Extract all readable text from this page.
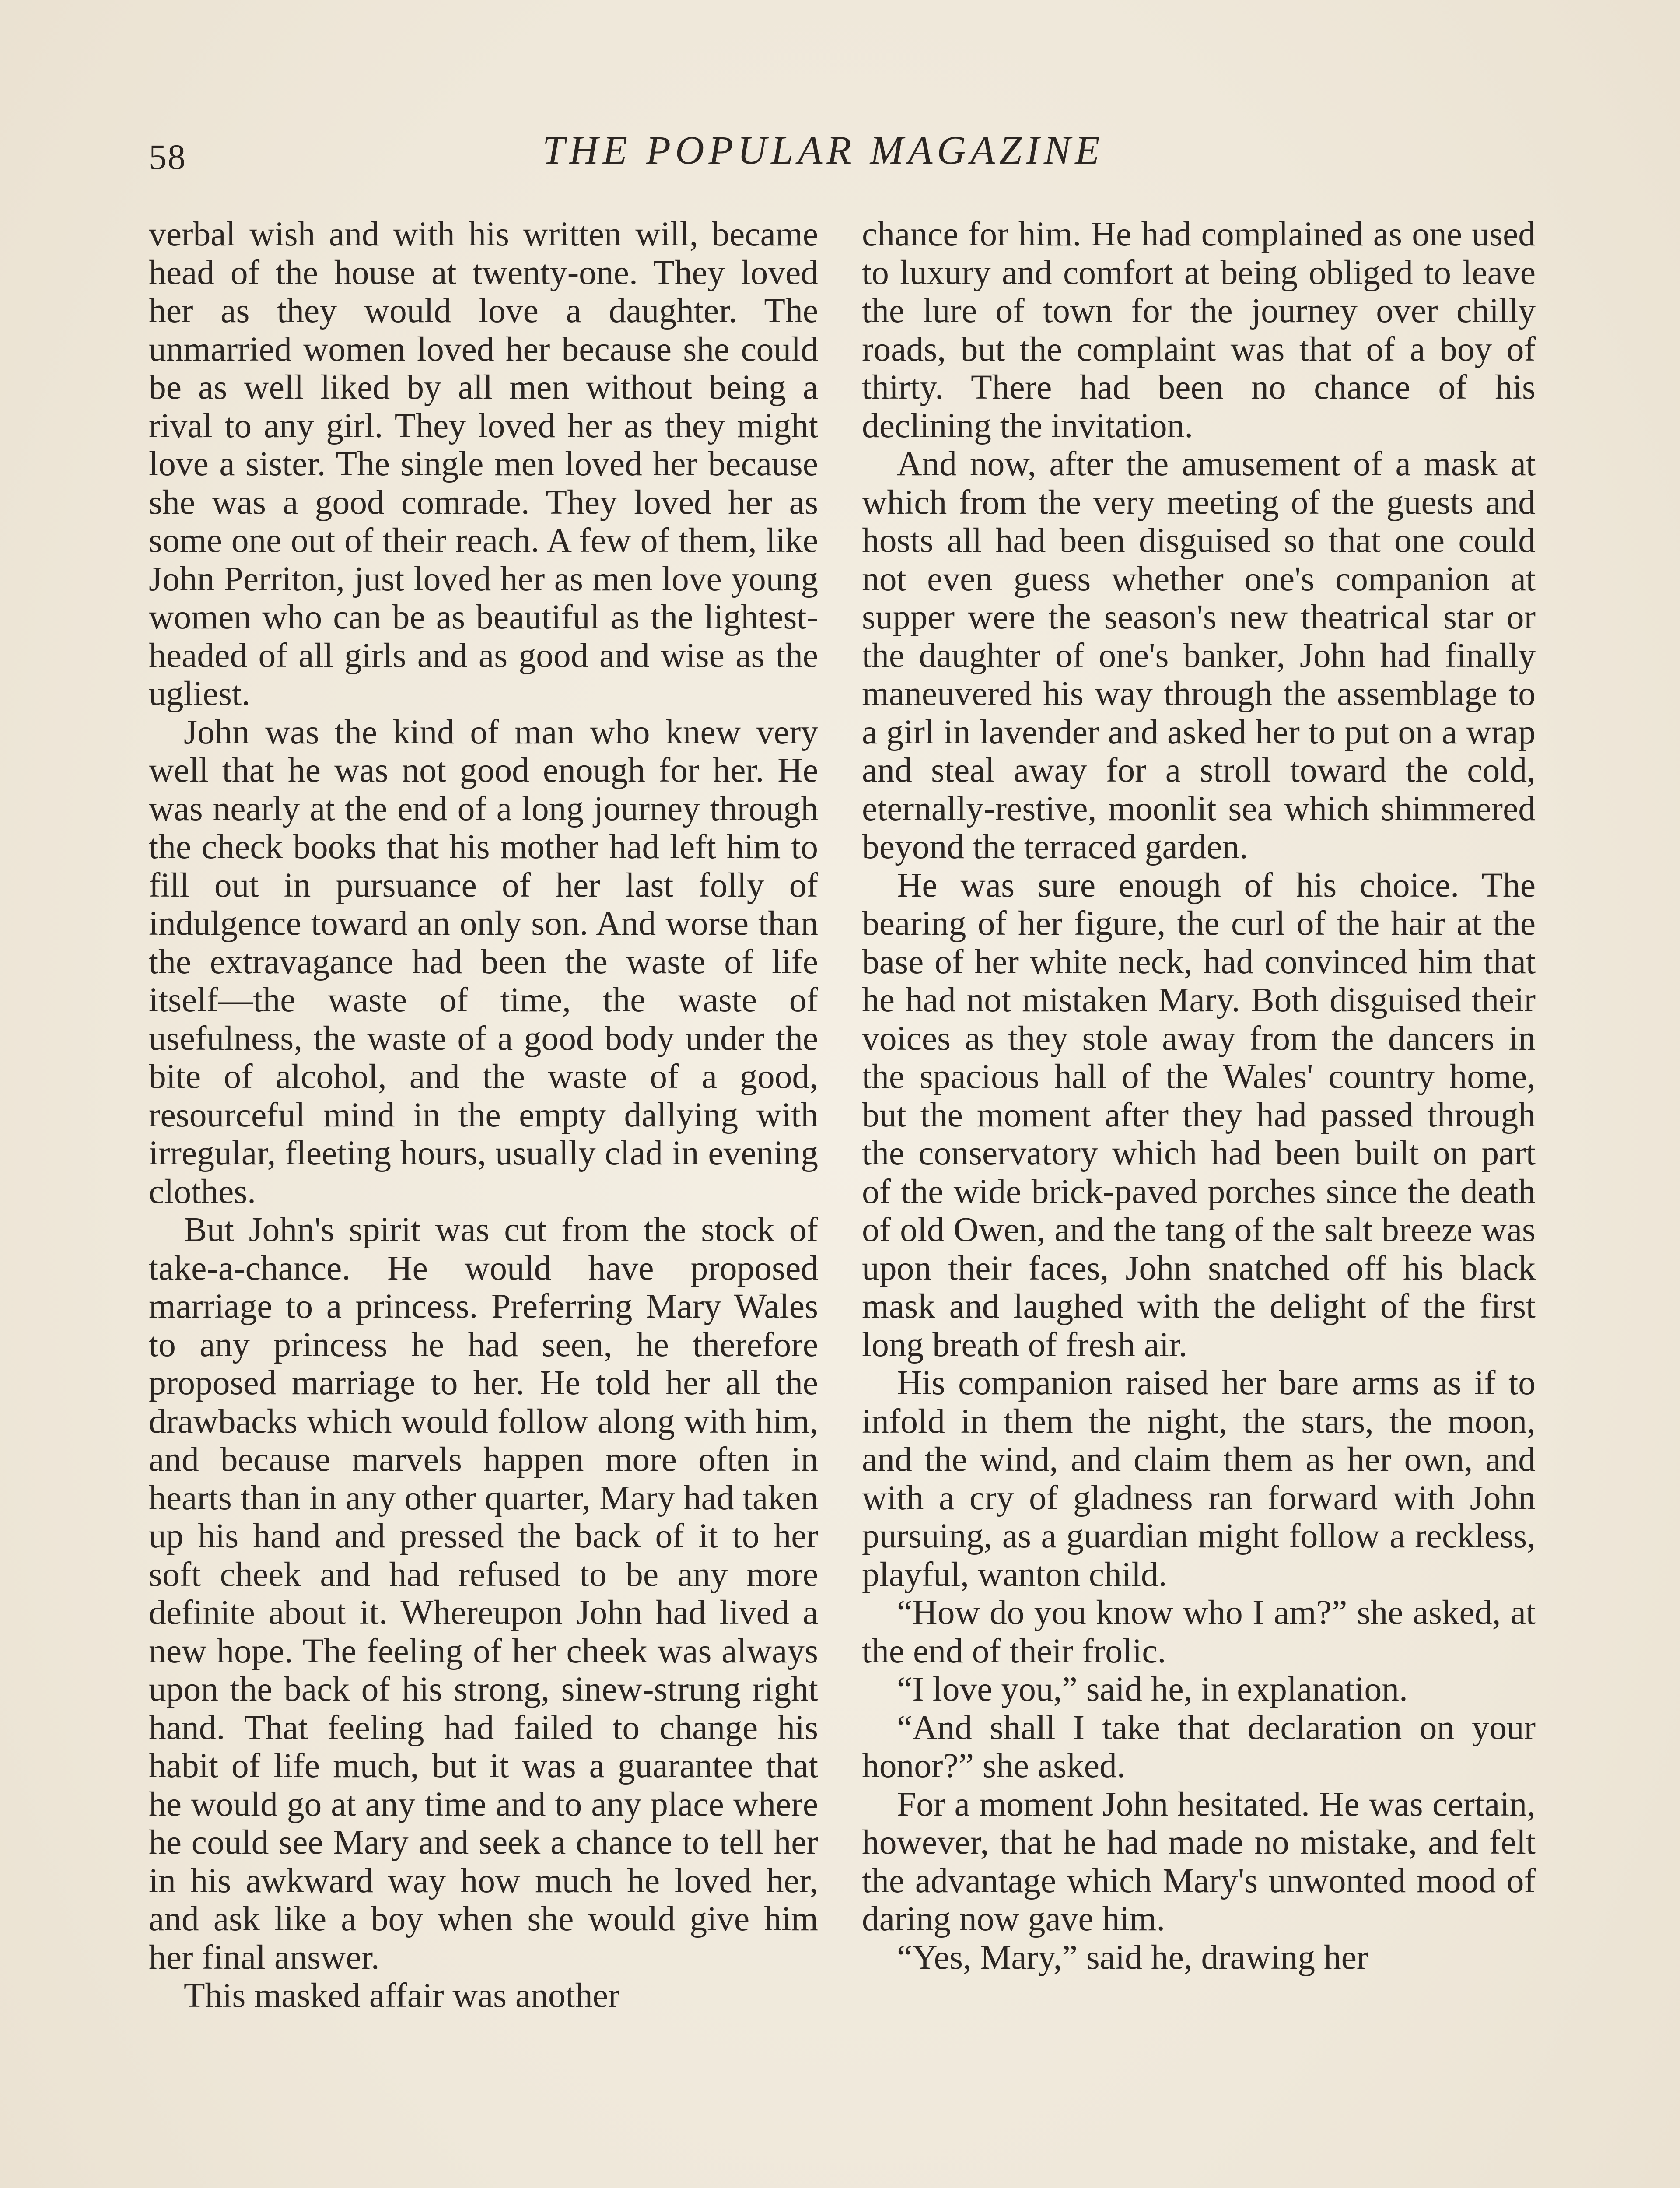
58	THE POPULAR MAGAZINE

verbal wish and with his written will, became head of the house at twenty-one. They loved her as they would love a daughter. The unmarried women loved her because she could be as well liked by all men without being a rival to any girl. They loved her as they might love a sister. The single men loved her because she was a good comrade. They loved her as some one out of their reach. A few of them, like John Perriton, just loved her as men love young women who can be as beautiful as the lightest-headed of all girls and as good and wise as the ugliest.

John was the kind of man who knew very well that he was not good enough for her. He was nearly at the end of a long journey through the check books that his mother had left him to fill out in pursuance of her last folly of indulgence toward an only son. And worse than the extravagance had been the waste of life itself—the waste of time, the waste of usefulness, the waste of a good body under the bite of alcohol, and the waste of a good, resourceful mind in the empty dallying with irregular, fleeting hours, usually clad in evening clothes.

But John's spirit was cut from the stock of take-a-chance. He would have proposed marriage to a princess. Preferring Mary Wales to any princess he had seen, he therefore proposed marriage to her. He told her all the drawbacks which would follow along with him, and because marvels happen more often in hearts than in any other quarter, Mary had taken up his hand and pressed the back of it to her soft cheek and had refused to be any more definite about it. Whereupon John had lived a new hope. The feeling of her cheek was always upon the back of his strong, sinew-strung right hand. That feeling had failed to change his habit of life much, but it was a guarantee that he would go at any time and to any place where he could see Mary and seek a chance to tell her in his awkward way how much he loved her, and ask like a boy when she would give him her final answer.

This masked affair was another

chance for him. He had complained as one used to luxury and comfort at being obliged to leave the lure of town for the journey over chilly roads, but the complaint was that of a boy of thirty. There had been no chance of his declining the invitation.

And now, after the amusement of a mask at which from the very meeting of the guests and hosts all had been disguised so that one could not even guess whether one's companion at supper were the season's new theatrical star or the daughter of one's banker, John had finally maneuvered his way through the assemblage to a girl in lavender and asked her to put on a wrap and steal away for a stroll toward the cold, eternally-restive, moonlit sea which shimmered beyond the terraced garden.

He was sure enough of his choice. The bearing of her figure, the curl of the hair at the base of her white neck, had convinced him that he had not mistaken Mary. Both disguised their voices as they stole away from the dancers in the spacious hall of the Wales' country home, but the moment after they had passed through the conservatory which had been built on part of the wide brick-paved porches since the death of old Owen, and the tang of the salt breeze was upon their faces, John snatched off his black mask and laughed with the delight of the first long breath of fresh air.

His companion raised her bare arms as if to infold in them the night, the stars, the moon, and the wind, and claim them as her own, and with a cry of gladness ran forward with John pursuing, as a guardian might follow a reckless, playful, wanton child.

“How do you know who I am?” she asked, at the end of their frolic.

“I love you,” said he, in explanation.

“And shall I take that declaration on your honor?” she asked.

For a moment John hesitated. He was certain, however, that he had made no mistake, and felt the advantage which Mary's unwonted mood of daring now gave him.

“Yes, Mary,” said he, drawing her
